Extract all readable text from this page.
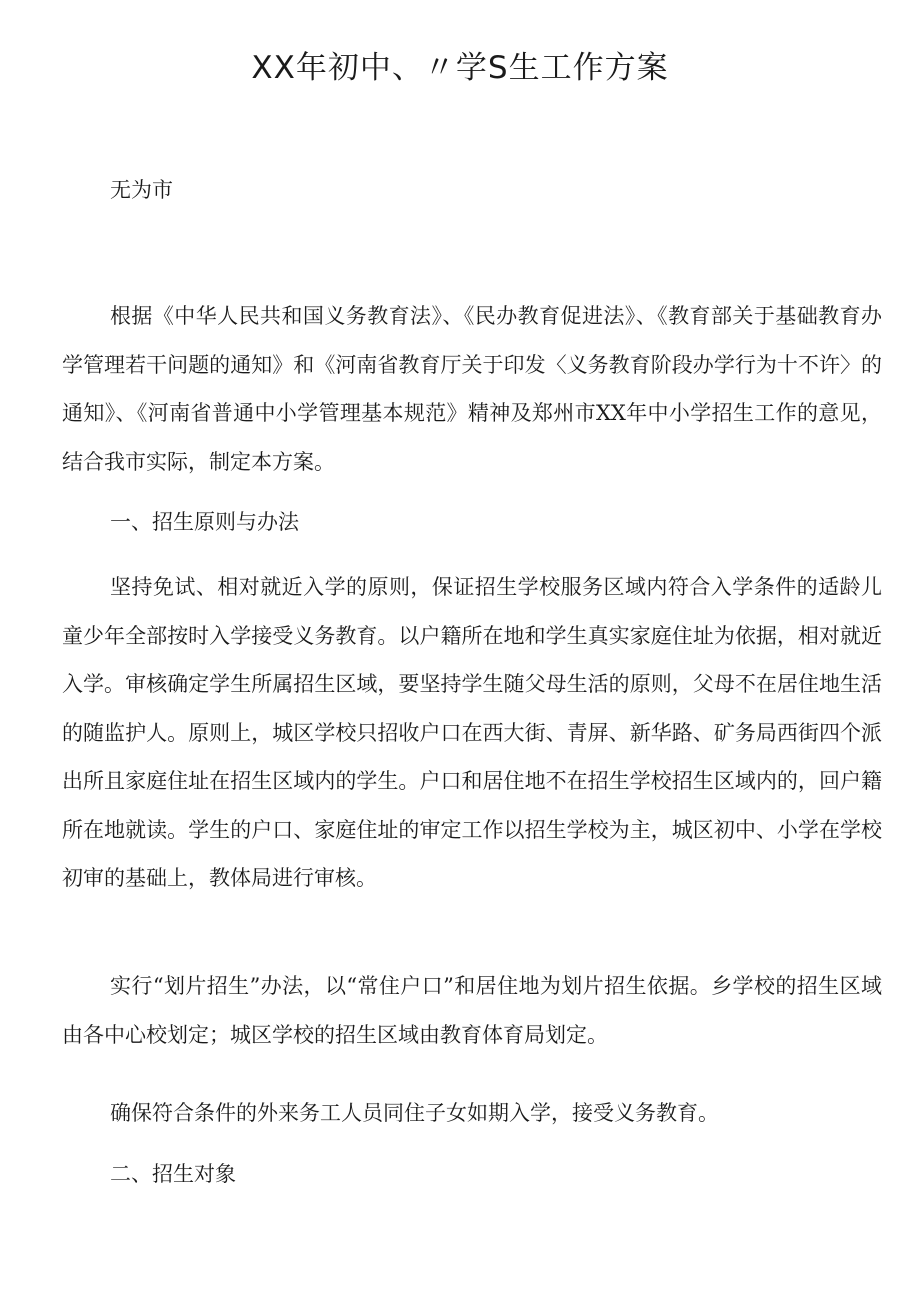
XX年初中、〃学S生工作方案

无为市

根据《中华人民共和国义务教育法》、《民办教育促进法》、《教育部关于基础教育办学管理若干问题的通知》和《河南省教育厅关于印发〈义务教育阶段办学行为十不许〉的通知》、《河南省普通中小学管理基本规范》精神及郑州市XX年中小学招生工作的意见，结合我市实际，制定本方案。

一、招生原则与办法

坚持免试、相对就近入学的原则，保证招生学校服务区域内符合入学条件的适龄儿童少年全部按时入学接受义务教育。以户籍所在地和学生真实家庭住址为依据，相对就近入学。审核确定学生所属招生区域，要坚持学生随父母生活的原则，父母不在居住地生活的随监护人。原则上，城区学校只招收户口在西大街、青屏、新华路、矿务局西街四个派出所且家庭住址在招生区域内的学生。户口和居住地不在招生学校招生区域内的，回户籍所在地就读。学生的户口、家庭住址的审定工作以招生学校为主，城区初中、小学在学校初审的基础上，教体局进行审核。

实行“划片招生”办法，以“常住户口”和居住地为划片招生依据。乡学校的招生区域由各中心校划定；城区学校的招生区域由教育体育局划定。

确保符合条件的外来务工人员同住子女如期入学，接受义务教育。

二、招生对象
